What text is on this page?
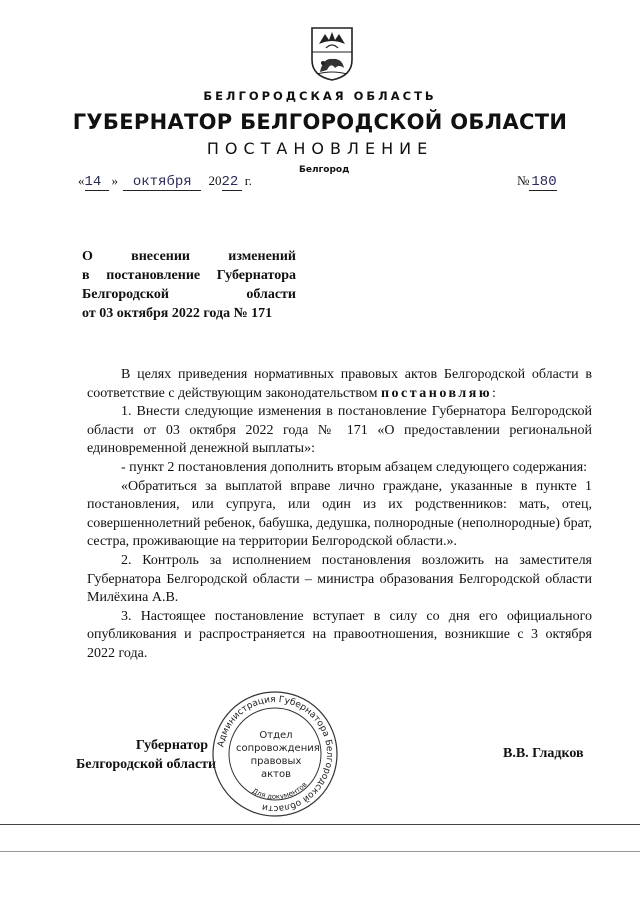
БЕЛГОРОДСКАЯ ОБЛАСТЬ
ГУБЕРНАТОР БЕЛГОРОДСКОЙ ОБЛАСТИ
ПОСТАНОВЛЕНИЕ
Белгород
«14 » октября 2022 г.	№ 180
О внесении изменений
в постановление Губернатора
Белгородской области
от 03 октября 2022 года № 171

В целях приведения нормативных правовых актов Белгородской области в соответствие с действующим законодательством постановляю:

1. Внести следующие изменения в постановление Губернатора Белгородской области от 03 октября 2022 года № 171 «О предоставлении региональной единовременной денежной выплаты»:

- пункт 2 постановления дополнить вторым абзацем следующего содержания:

«Обратиться за выплатой вправе лично граждане, указанные в пункте 1 постановления, или супруга, или один из их родственников: мать, отец, совершеннолетний ребенок, бабушка, дедушка, полнородные (неполнородные) брат, сестра, проживающие на территории Белгородской области.».

2. Контроль за исполнением постановления возложить на заместителя Губернатора Белгородской области – министра образования Белгородской области Милёхина А.В.

3. Настоящее постановление вступает в силу со дня его официального опубликования и распространяется на правоотношения, возникшие с 3 октября 2022 года.

Губернатор
Белгородской области
В.В. Гладков
Администрация Губернатора Белгородской области
Для документов
Отдел
сопровождения
правовых
актов
